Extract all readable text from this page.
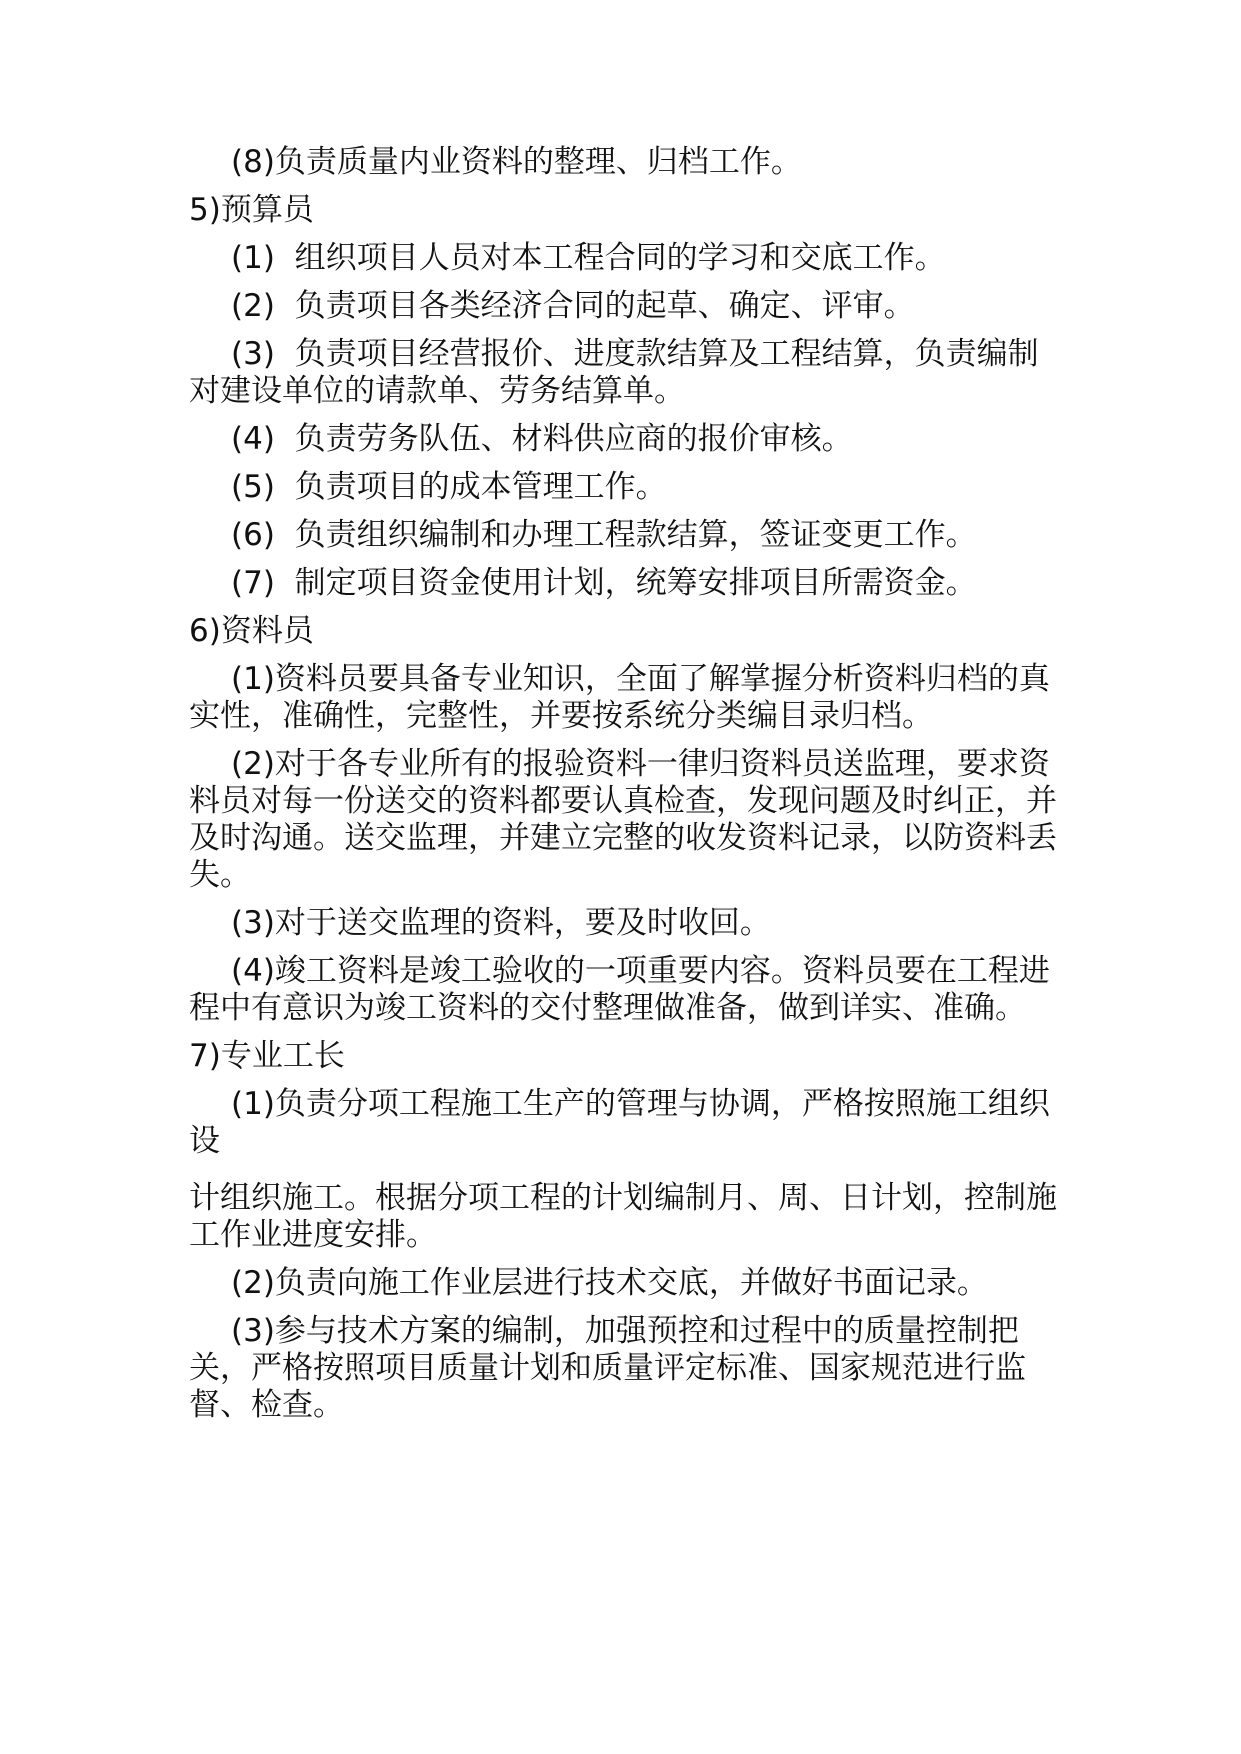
(8)负责质量内业资料的整理、归档工作。

5)预算员

(1)  组织项目人员对本工程合同的学习和交底工作。

(2)  负责项目各类经济合同的起草、确定、评审。

(3)  负责项目经营报价、进度款结算及工程结算，负责编制对建设单位的请款单、劳务结算单。

(4)  负责劳务队伍、材料供应商的报价审核。

(5)  负责项目的成本管理工作。

(6)  负责组织编制和办理工程款结算，签证变更工作。

(7)  制定项目资金使用计划，统筹安排项目所需资金。

6)资料员

(1)资料员要具备专业知识，全面了解掌握分析资料归档的真实性，准确性，完整性，并要按系统分类编目录归档。

(2)对于各专业所有的报验资料一律归资料员送监理，要求资料员对每一份送交的资料都要认真检查，发现问题及时纠正，并及时沟通。送交监理，并建立完整的收发资料记录，以防资料丢失。

(3)对于送交监理的资料，要及时收回。

(4)竣工资料是竣工验收的一项重要内容。资料员要在工程进程中有意识为竣工资料的交付整理做准备，做到详实、准确。

7)专业工长

(1)负责分项工程施工生产的管理与协调，严格按照施工组织设

计组织施工。根据分项工程的计划编制月、周、日计划，控制施工作业进度安排。

(2)负责向施工作业层进行技术交底，并做好书面记录。

(3)参与技术方案的编制，加强预控和过程中的质量控制把关，严格按照项目质量计划和质量评定标准、国家规范进行监督、检查。
